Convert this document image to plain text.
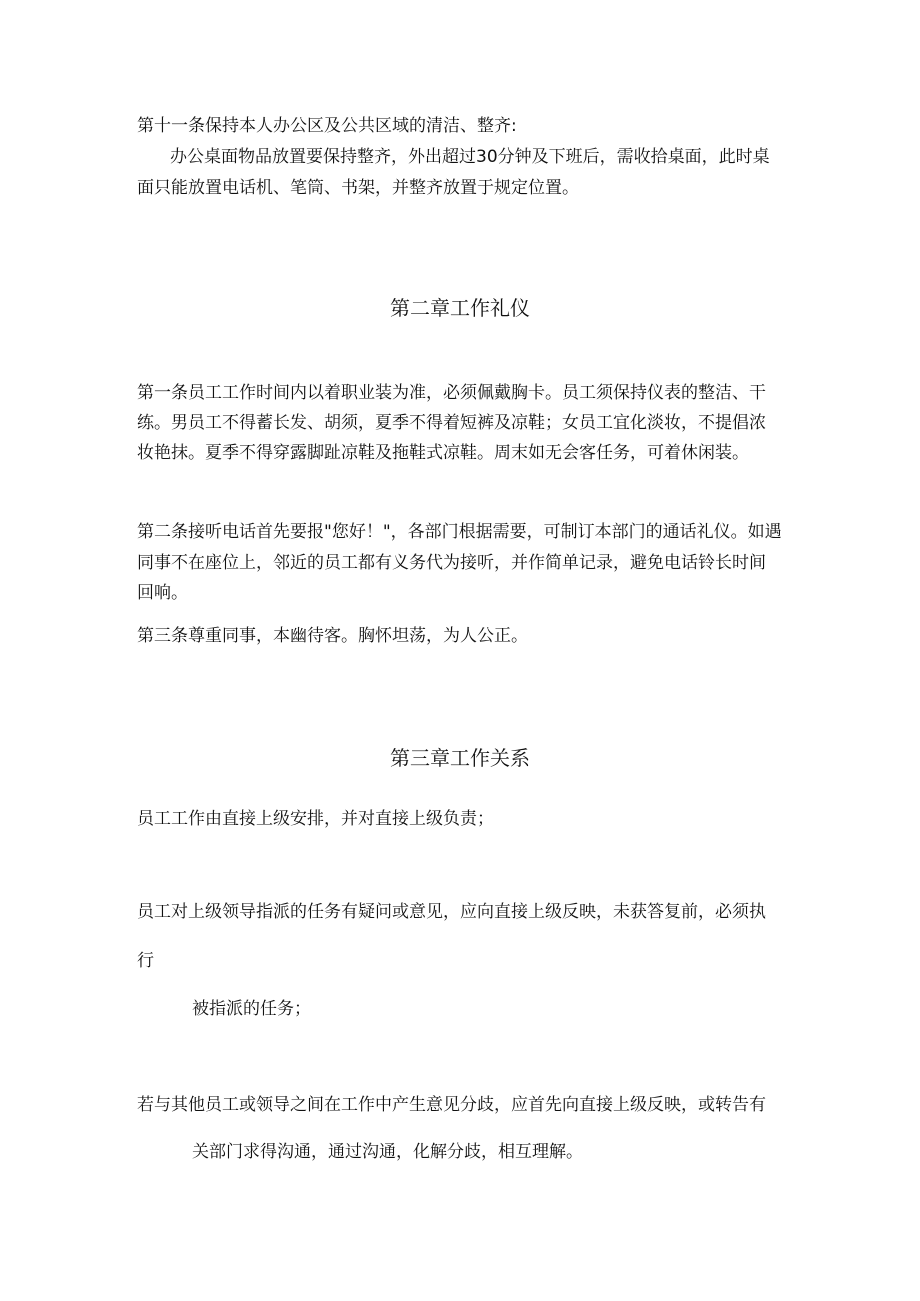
第十一条保持本人办公区及公共区域的清洁、整齐:

办公桌面物品放置要保持整齐，外出超过30分钟及下班后，需收拾桌面，此时桌

面只能放置电话机、笔筒、书架，并整齐放置于规定位置。

第二章工作礼仪

第一条员工工作时间内以着职业装为准，必须佩戴胸卡。员工须保持仪表的整洁、干

练。男员工不得蓄长发、胡须，夏季不得着短裤及凉鞋；女员工宜化淡妆，不提倡浓

妆艳抹。夏季不得穿露脚趾凉鞋及拖鞋式凉鞋。周末如无会客任务，可着休闲装。

第二条接听电话首先要报"您好！"，各部门根据需要，可制订本部门的通话礼仪。如遇

同事不在座位上，邻近的员工都有义务代为接听，并作简单记录，避免电话铃长时间

回响。

第三条尊重同事，本幽待客。胸怀坦荡，为人公正。

第三章工作关系

员工工作由直接上级安排，并对直接上级负责；

员工对上级领导指派的任务有疑问或意见，应向直接上级反映，未获答复前，必须执

行

被指派的任务；

若与其他员工或领导之间在工作中产生意见分歧，应首先向直接上级反映，或转告有

关部门求得沟通，通过沟通，化解分歧，相互理解。
